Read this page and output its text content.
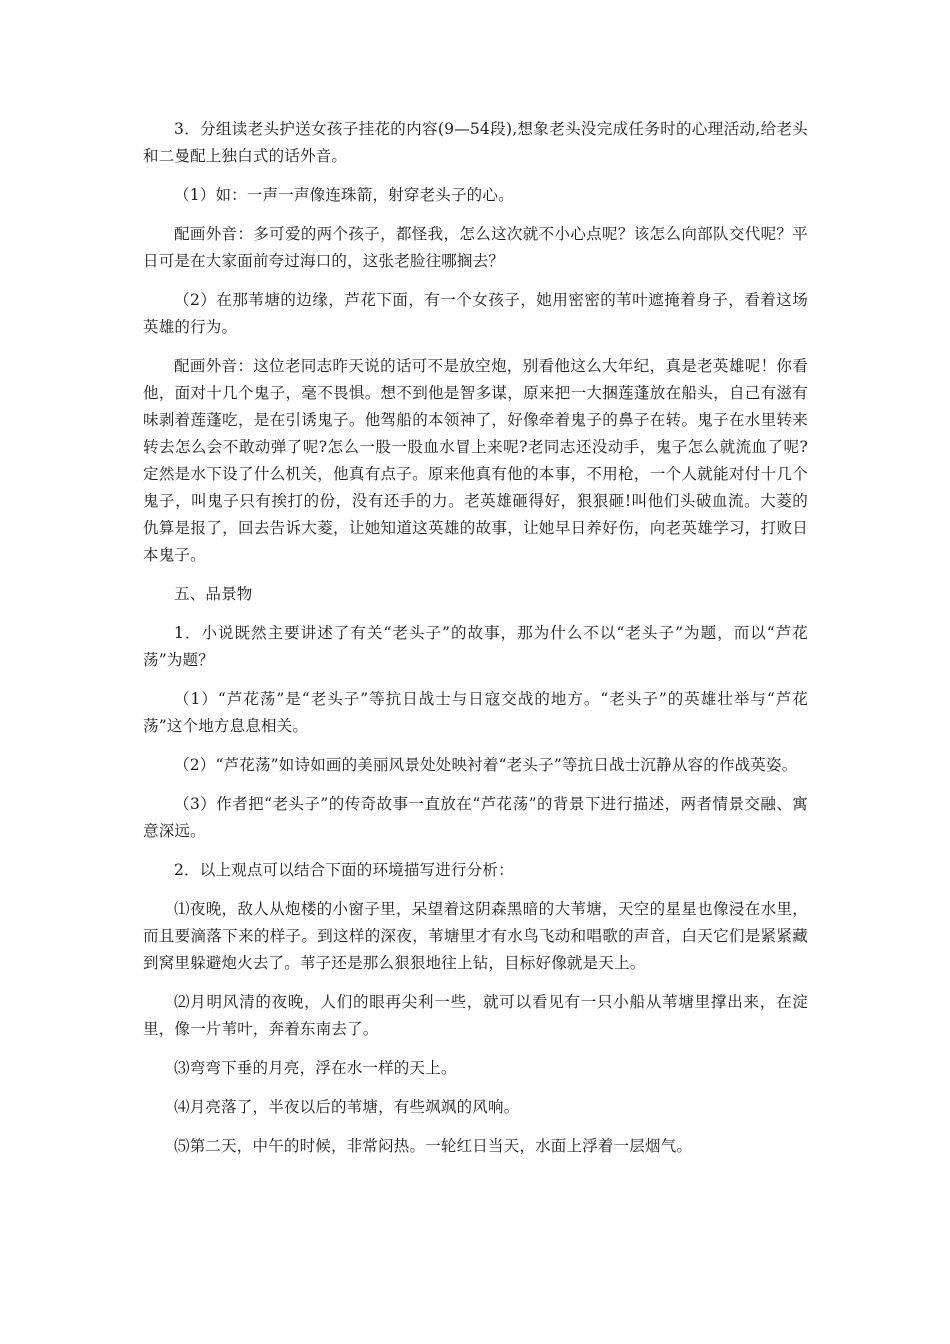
3．分组读老头护送女孩子挂花的内容(9—54段),想象老头没完成任务时的心理活动,给老头和二曼配上独白式的话外音。

（1）如：一声一声像连珠箭，射穿老头子的心。

配画外音：多可爱的两个孩子，都怪我，怎么这次就不小心点呢？该怎么向部队交代呢？平日可是在大家面前夸过海口的，这张老脸往哪搁去？

（2）在那苇塘的边缘，芦花下面，有一个女孩子，她用密密的苇叶遮掩着身子，看着这场英雄的行为。

配画外音：这位老同志昨天说的话可不是放空炮，别看他这么大年纪，真是老英雄呢！你看他，面对十几个鬼子，毫不畏惧。想不到他是智多谋，原来把一大捆莲蓬放在船头，自己有滋有味剥着莲蓬吃，是在引诱鬼子。他驾船的本领神了，好像牵着鬼子的鼻子在转。鬼子在水里转来转去怎么会不敢动弹了呢?怎么一股一股血水冒上来呢?老同志还没动手，鬼子怎么就流血了呢?定然是水下设了什么机关，他真有点子。原来他真有他的本事，不用枪，一个人就能对付十几个鬼子，叫鬼子只有挨打的份，没有还手的力。老英雄砸得好，狠狠砸!叫他们头破血流。大菱的仇算是报了，回去告诉大菱，让她知道这英雄的故事，让她早日养好伤，向老英雄学习，打败日本鬼子。

五、品景物

1．小说既然主要讲述了有关“老头子”的故事，那为什么不以“老头子”为题，而以“芦花荡”为题？

（1）“芦花荡”是“老头子”等抗日战士与日寇交战的地方。“老头子”的英雄壮举与“芦花荡”这个地方息息相关。

（2）“芦花荡”如诗如画的美丽风景处处映衬着“老头子”等抗日战士沉静从容的作战英姿。

（3）作者把“老头子”的传奇故事一直放在“芦花荡”的背景下进行描述，两者情景交融、寓意深远。

2．以上观点可以结合下面的环境描写进行分析：

⑴夜晚，敌人从炮楼的小窗子里，呆望着这阴森黑暗的大苇塘，天空的星星也像浸在水里，而且要滴落下来的样子。到这样的深夜，苇塘里才有水鸟飞动和唱歌的声音，白天它们是紧紧藏到窝里躲避炮火去了。苇子还是那么狠狠地往上钻，目标好像就是天上。

⑵月明风清的夜晚，人们的眼再尖利一些，就可以看见有一只小船从苇塘里撑出来，在淀里，像一片苇叶，奔着东南去了。

⑶弯弯下垂的月亮，浮在水一样的天上。

⑷月亮落了，半夜以后的苇塘，有些飒飒的风响。

⑸第二天，中午的时候，非常闷热。一轮红日当天，水面上浮着一层烟气。
